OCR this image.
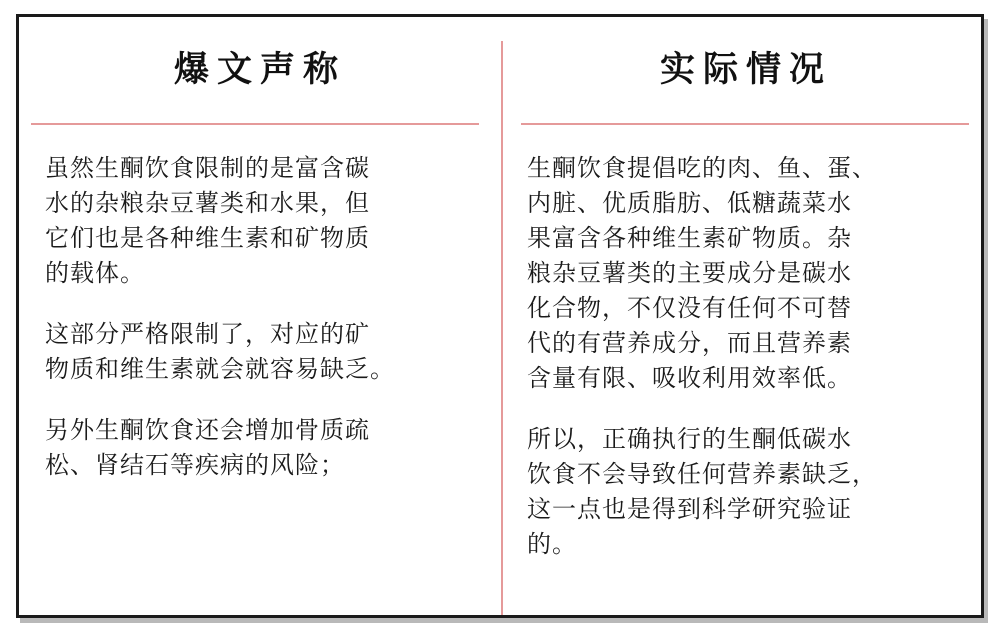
爆文声称

虽然生酮饮食限制的是富含碳
水的杂粮杂豆薯类和水果，但
它们也是各种维生素和矿物质
的载体。

这部分严格限制了，对应的矿
物质和维生素就会就容易缺乏。

另外生酮饮食还会增加骨质疏
松、肾结石等疾病的风险；

实际情况

生酮饮食提倡吃的肉、鱼、蛋、
内脏、优质脂肪、低糖蔬菜水
果富含各种维生素矿物质。杂
粮杂豆薯类的主要成分是碳水
化合物，不仅没有任何不可替
代的有营养成分，而且营养素
含量有限、吸收利用效率低。

所以，正确执行的生酮低碳水
饮食不会导致任何营养素缺乏，
这一点也是得到科学研究验证
的。
